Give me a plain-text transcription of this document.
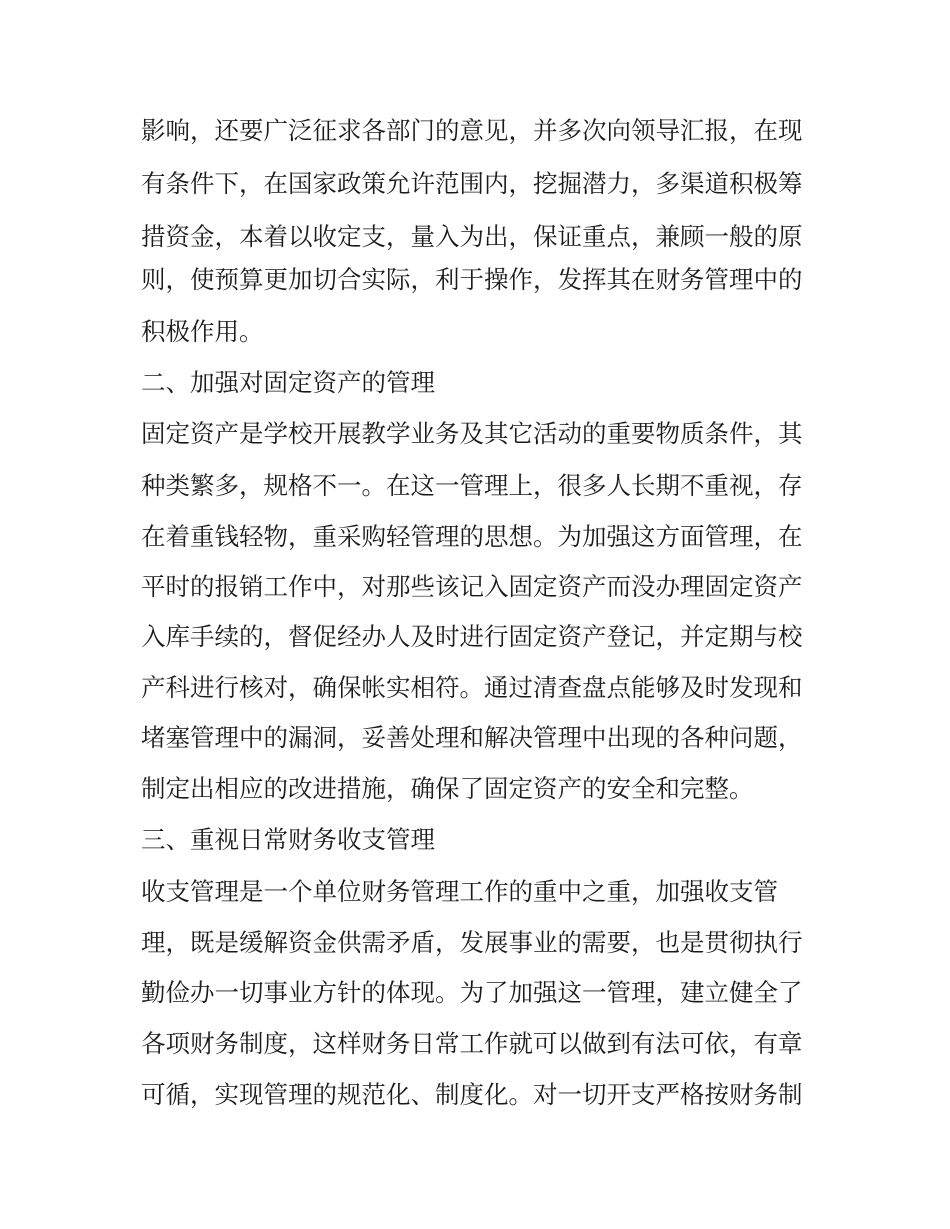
影响，还要广泛征求各部门的意见，并多次向领导汇报，在现
有条件下，在国家政策允许范围内，挖掘潜力，多渠道积极筹
措资金，本着以收定支，量入为出，保证重点，兼顾一般的原
则，使预算更加切合实际，利于操作，发挥其在财务管理中的
积极作用。
二、加强对固定资产的管理
固定资产是学校开展教学业务及其它活动的重要物质条件，其
种类繁多，规格不一。在这一管理上，很多人长期不重视，存
在着重钱轻物，重采购轻管理的思想。为加强这方面管理，在
平时的报销工作中，对那些该记入固定资产而没办理固定资产
入库手续的，督促经办人及时进行固定资产登记，并定期与校
产科进行核对，确保帐实相符。通过清查盘点能够及时发现和
堵塞管理中的漏洞，妥善处理和解决管理中出现的各种问题，
制定出相应的改进措施，确保了固定资产的安全和完整。
三、重视日常财务收支管理
收支管理是一个单位财务管理工作的重中之重，加强收支管
理，既是缓解资金供需矛盾，发展事业的需要，也是贯彻执行
勤俭办一切事业方针的体现。为了加强这一管理，建立健全了
各项财务制度，这样财务日常工作就可以做到有法可依，有章
可循，实现管理的规范化、制度化。对一切开支严格按财务制
